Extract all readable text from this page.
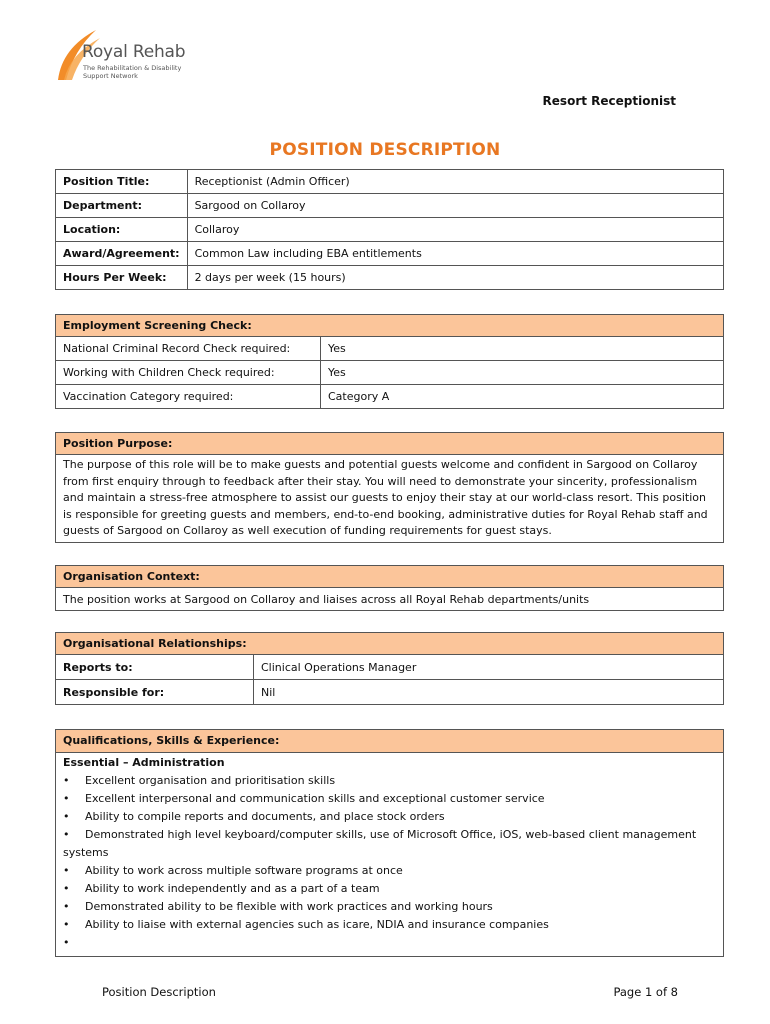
Royal Rehab
The Rehabilitation & Disability
Support Network
Resort Receptionist
POSITION DESCRIPTION
Position Title:	Receptionist (Admin Officer)
Department:	Sargood on Collaroy
Location:	Collaroy
Award/Agreement:	Common Law including EBA entitlements
Hours Per Week:	2 days per week (15 hours)
Employment Screening Check:	
National Criminal Record Check required:	Yes
Working with Children Check required:	Yes
Vaccination Category required:	Category A
Position Purpose:
The purpose of this role will be to make guests and potential guests welcome and confident in Sargood on Collaroy from first enquiry through to feedback after their stay. You will need to demonstrate your sincerity, professionalism and maintain a stress-free atmosphere to assist our guests to enjoy their stay at our world-class resort. This position is responsible for greeting guests and members, end-to-end booking, administrative duties for Royal Rehab staff and guests of Sargood on Collaroy as well execution of funding requirements for guest stays.
Organisation Context:
The position works at Sargood on Collaroy and liaises across all Royal Rehab departments/units
Organisational Relationships:	
Reports to:	Clinical Operations Manager
Responsible for:	Nil
Qualifications, Skills & Experience:

Essential – Administration
• Excellent organisation and prioritisation skills
• Excellent interpersonal and communication skills and exceptional customer service
• Ability to compile reports and documents, and place stock orders
• Demonstrated high level keyboard/computer skills, use of Microsoft Office, iOS, web-based client management systems
• Ability to work across multiple software programs at once
• Ability to work independently and as a part of a team
• Demonstrated ability to be flexible with work practices and working hours
• Ability to liaise with external agencies such as icare, NDIA and insurance companies
•
Position Description	Page 1 of 8
